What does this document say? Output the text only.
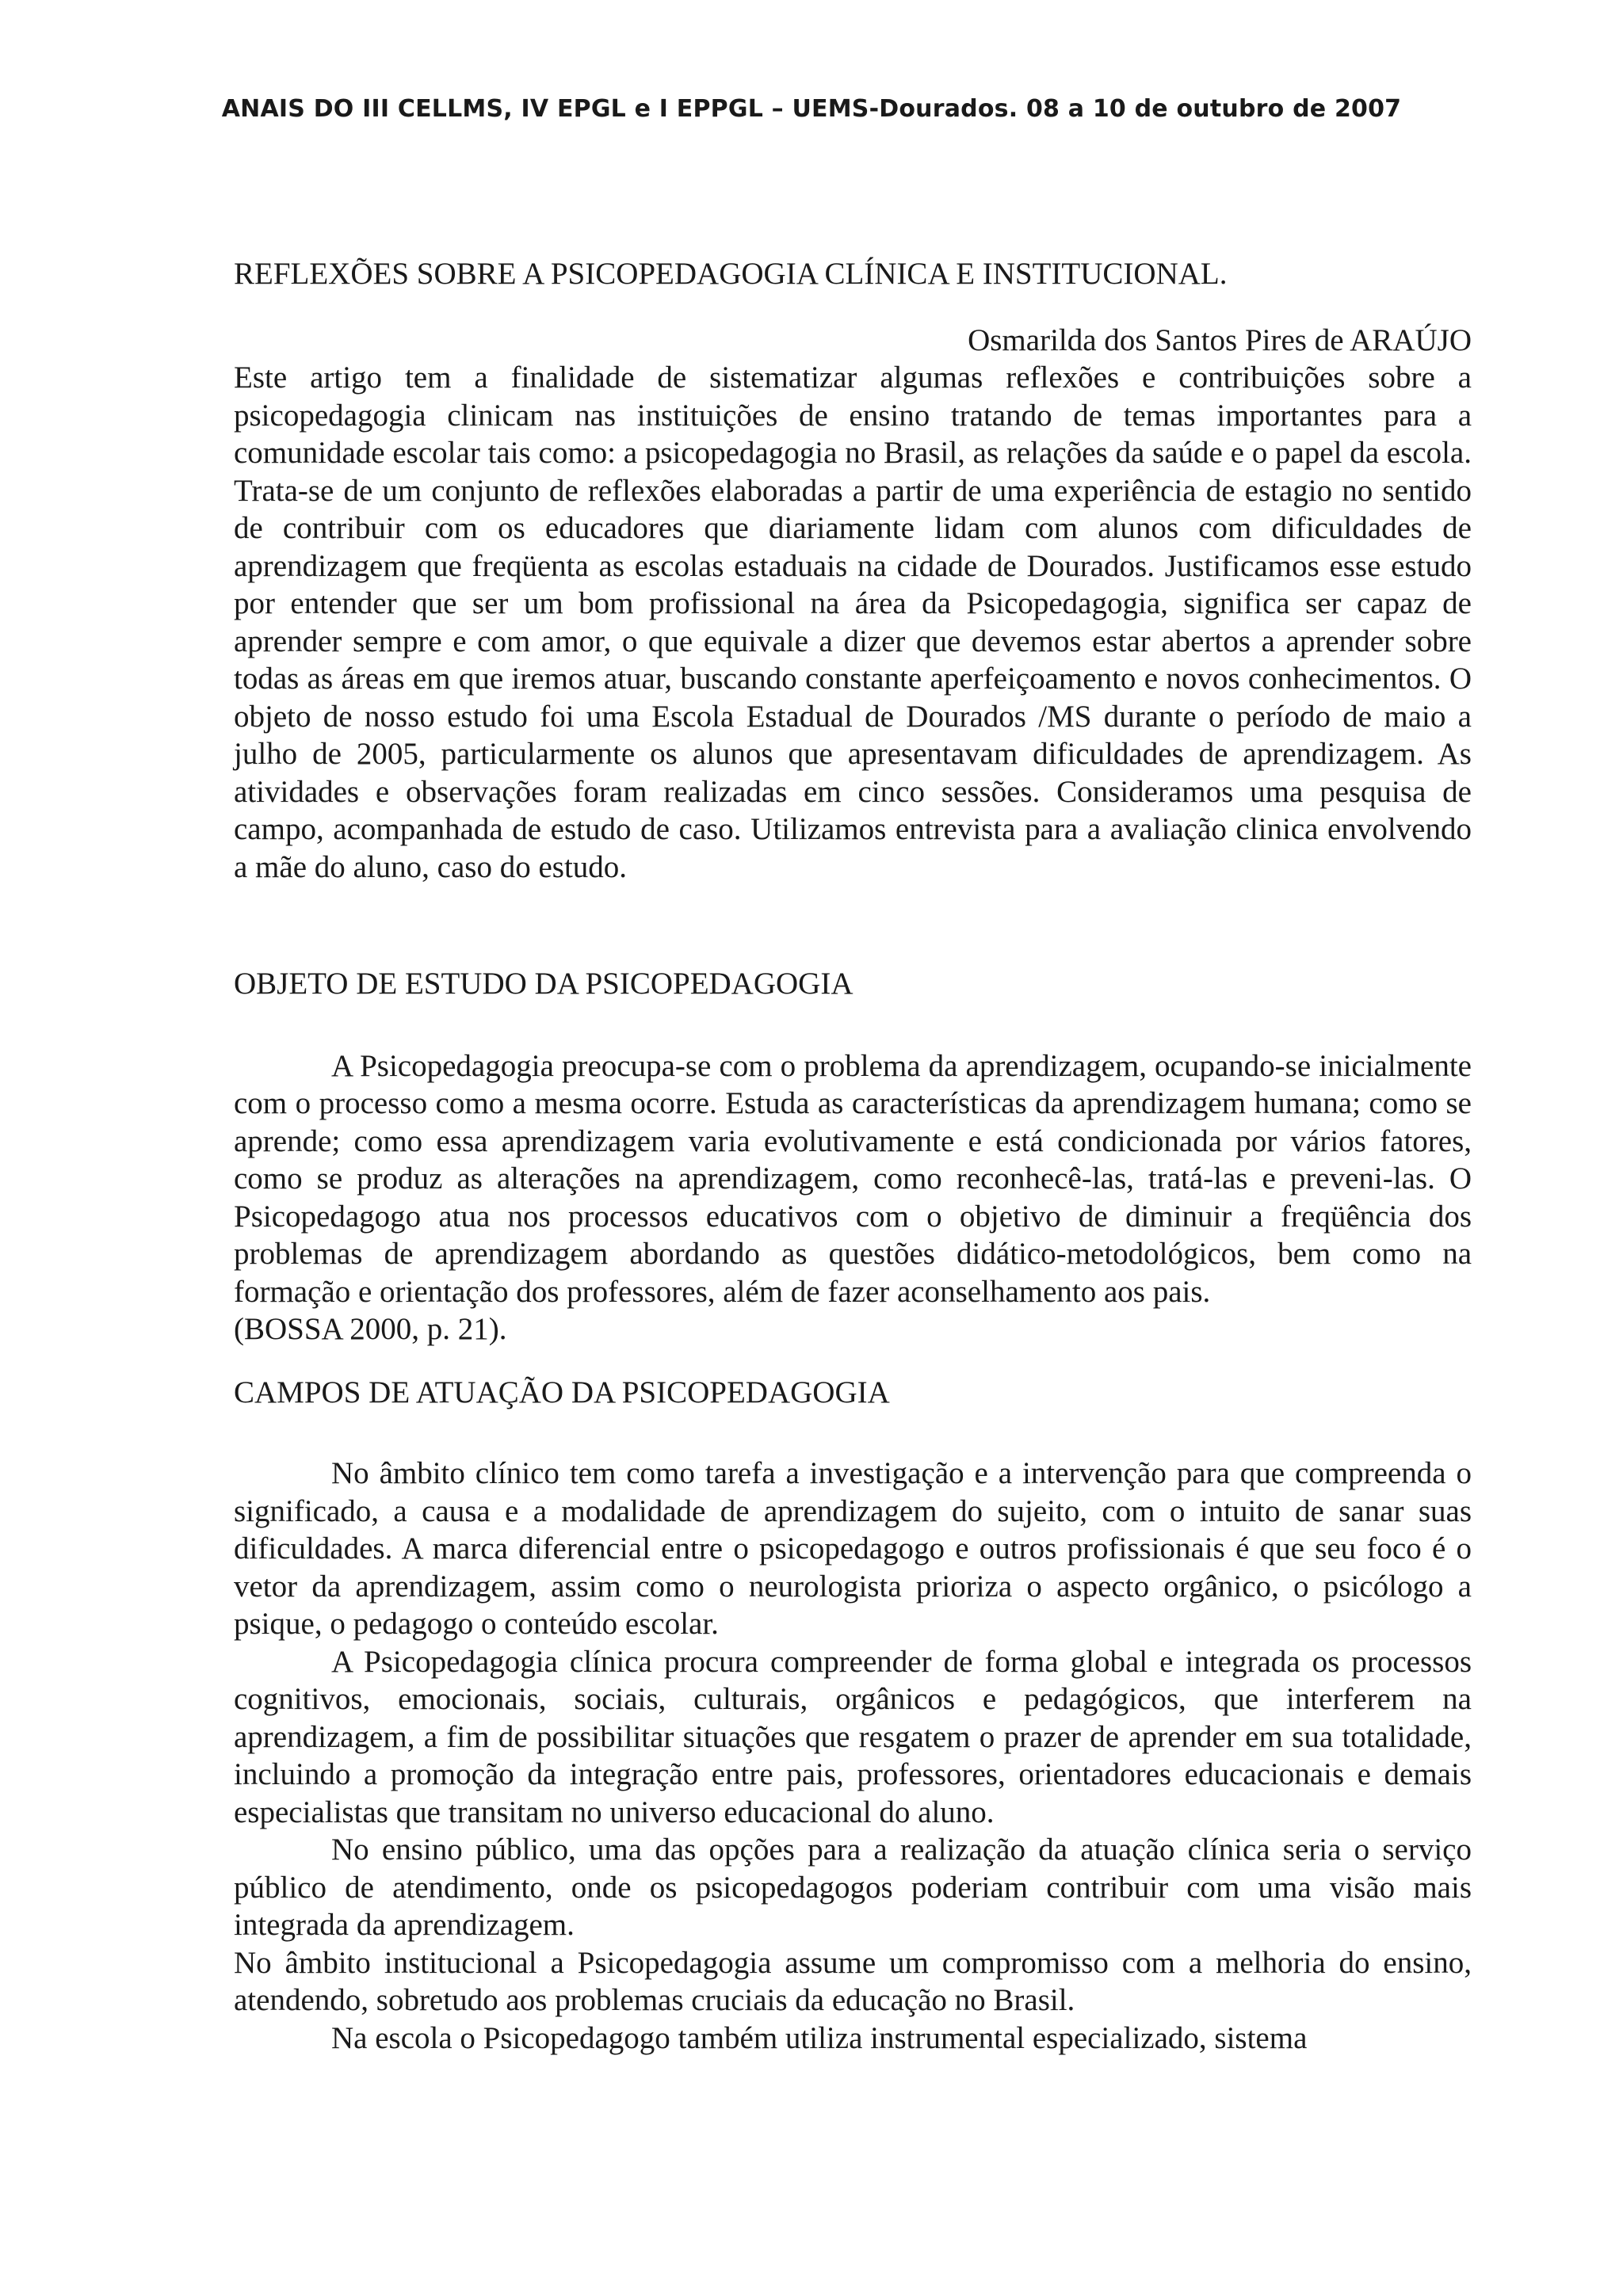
ANAIS DO III CELLMS, IV EPGL e I EPPGL – UEMS-Dourados. 08 a 10 de outubro de 2007
REFLEXÕES SOBRE A PSICOPEDAGOGIA CLÍNICA E INSTITUCIONAL.

Osmarilda dos Santos Pires de ARAÚJO

Este artigo tem a finalidade de sistematizar algumas reflexões e contribuições sobre a psicopedagogia clinicam nas instituições de ensino tratando de temas importantes para a comunidade escolar tais como: a psicopedagogia no Brasil, as relações da saúde e o papel da escola. Trata-se de um conjunto de reflexões elaboradas a partir de uma experiência de estagio no sentido de contribuir com os educadores que diariamente lidam com alunos com dificuldades de aprendizagem que freqüenta as escolas estaduais na cidade de Dourados. Justificamos esse estudo por entender que ser um bom profissional na área da Psicopedagogia, significa ser capaz de aprender sempre e com amor, o que equivale a dizer que devemos estar abertos a aprender sobre todas as áreas em que iremos atuar, buscando constante aperfeiçoamento e novos conhecimentos. O objeto de nosso estudo foi uma Escola Estadual de Dourados /MS durante o período de maio a julho de 2005, particularmente os alunos que apresentavam dificuldades de aprendizagem. As atividades e observações foram realizadas em cinco sessões. Consideramos uma pesquisa de campo, acompanhada de estudo de caso. Utilizamos entrevista para a avaliação clinica envolvendo a mãe do aluno, caso do estudo.

OBJETO DE ESTUDO DA PSICOPEDAGOGIA

A Psicopedagogia preocupa-se com o problema da aprendizagem, ocupando-se inicialmente com o processo como a mesma ocorre. Estuda as características da aprendizagem humana; como se aprende; como essa aprendizagem varia evolutivamente e está condicionada por vários fatores, como se produz as alterações na aprendizagem, como reconhecê-las, tratá-las e preveni-las. O Psicopedagogo atua nos processos educativos com o objetivo de diminuir a freqüência dos problemas de aprendizagem abordando as questões didático-metodológicos, bem como na formação e orientação dos professores, além de fazer aconselhamento aos pais.

(BOSSA 2000, p. 21).

CAMPOS DE ATUAÇÃO DA PSICOPEDAGOGIA

No âmbito clínico tem como tarefa a investigação e a intervenção para que compreenda o significado, a causa e a modalidade de aprendizagem do sujeito, com o intuito de sanar suas dificuldades. A marca diferencial entre o psicopedagogo e outros profissionais é que seu foco é o vetor da aprendizagem, assim como o neurologista prioriza o aspecto orgânico, o psicólogo a psique, o pedagogo o conteúdo escolar.

A Psicopedagogia clínica procura compreender de forma global e integrada os processos cognitivos, emocionais, sociais, culturais, orgânicos e pedagógicos, que interferem na aprendizagem, a fim de possibilitar situações que resgatem o prazer de aprender em sua totalidade, incluindo a promoção da integração entre pais, professores, orientadores educacionais e demais especialistas que transitam no universo educacional do aluno.

No ensino público, uma das opções para a realização da atuação clínica seria o serviço público de atendimento, onde os psicopedagogos poderiam contribuir com uma visão mais integrada da aprendizagem.

No âmbito institucional a Psicopedagogia assume um compromisso com a melhoria do ensino, atendendo, sobretudo aos problemas cruciais da educação no Brasil.

Na escola o Psicopedagogo também utiliza instrumental especializado, sistema
